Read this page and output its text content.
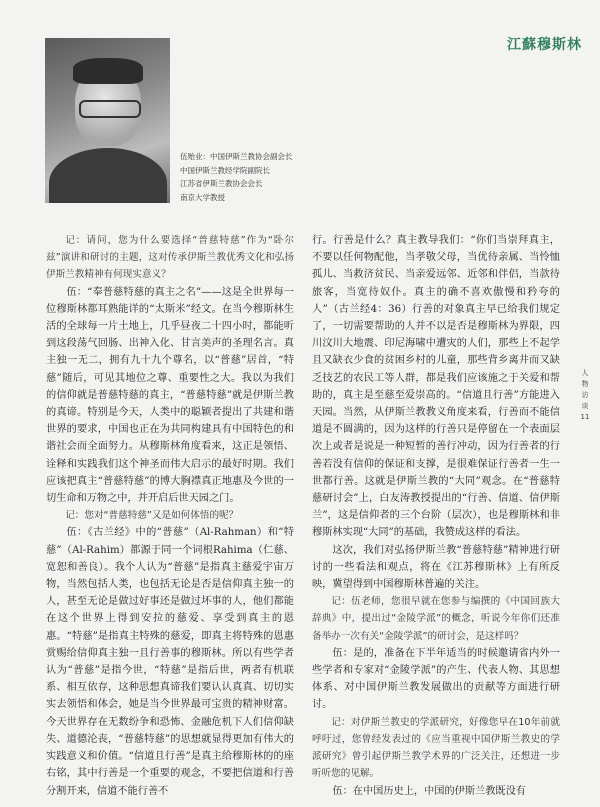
江蘇穆斯林
伍贻业：中国伊斯兰教协会副会长
中国伊斯兰教经学院副院长
江苏省伊斯兰教协会会长
南京大学教授
人
物
访
谈
11

记：请问，您为什么要选择“普慈特慈”作为“卧尔兹”演讲和研讨的主题，这对传承伊斯兰教优秀文化和弘扬伊斯兰教精神有何现实意义？

伍：“奉普慈特慈的真主之名”——这是全世界每一位穆斯林都耳熟能详的“太斯米”经文。在当今穆斯林生活的全球每一片土地上，几乎昼夜二十四小时，都能听到这段荡气回肠、出神入化、甘言美声的圣理名言。真主独一无二，拥有九十九个尊名，以“普慈”居首，“特慈”随后，可见其地位之尊、重要性之大。我以为我们的信仰就是普慈特慈的真主，“普慈特慈”就是伊斯兰教的真谛。特别是今天，人类中的聪颖者提出了共建和谐世界的要求，中国也正在为共同构建具有中国特色的和谐社会而全面努力。从穆斯林角度看来，这正是领悟、诠释和实践我们这个神圣而伟大启示的最好时期。我们应该把真主“普慈特慈”的博大胸襟真正地惠及今世的一切生命和万物之中，并开启后世天园之门。

记：您对“普慈特慈”又是如何体悟的呢？

伍：《古兰经》中的“普慈”（Al-Rahman）和“特慈”（Al-Rahim）都源于同一个词根Rahima（仁慈、宽恕和善良）。我个人认为“普慈”是指真主慈爱宇宙万物，当然包括人类，也包括无论是否是信仰真主独一的人，甚至无论是做过好事还是做过坏事的人，他们都能在这个世界上得到安拉的慈爱、享受到真主的恩惠。“特慈”是指真主特殊的慈爱，即真主将特殊的恩惠赏赐给信仰真主独一且行善事的穆斯林。所以有些学者认为“普慈”是指今世，“特慈”是指后世，两者有机联系、相互依存，这种思想真谛我们要认认真真、切切实实去领悟和体会，她是当今世界最可宝贵的精神财富。今天世界存在无数纷争和恐怖、金融危机下人们信仰缺失、道德沦丧，“普慈特慈”的思想就显得更加有伟大的实践意义和价值。“信道且行善”是真主给穆斯林的的座右铭，其中行善是一个重要的观念，不要把信道和行善分割开来，信道不能行善不

行。行善是什么？真主教导我们：“你们当崇拜真主，不要以任何物配他，当孝敬父母，当优待亲属、当怜恤孤儿、当救济贫民、当亲爱远邻、近邻和伴侣，当款待旅客，当宽待奴仆。真主的确不喜欢傲慢和矜夸的人”（古兰经4：36）行善的对象真主早已给我们规定了，一切需要帮助的人并不以是否是穆斯林为界限，四川汶川大地震、印尼海啸中遭灾的人们，那些上不起学且又缺衣少食的贫困乡村的儿童，那些背乡离井而又缺乏技艺的农民工等人群，都是我们应该施之于关爱和帮助的，真主是至慈至爱崇高的。“信道且行善”方能进入天园。当然，从伊斯兰教教义角度来看，行善而不能信道是不圆满的，因为这样的行善只是停留在一个表面层次上或者是说是一种短暂的善行冲动，因为行善者的行善若没有信仰的保证和支撑，是很难保证行善者一生一世都行善。这就是伊斯兰教的“大同”观念。在“普慈特慈研讨会”上，白友涛教授提出的“行善、信道、信伊斯兰”，这是信仰者的三个台阶（层次），也是穆斯林和非穆斯林实现“大同”的基础，我赞成这样的看法。

这次，我们对弘扬伊斯兰教“普慈特慈”精神进行研讨的一些看法和观点，将在《江苏穆斯林》上有所反映，冀望得到中国穆斯林普遍的关注。

记：伍老师，您很早就在您参与编撰的《中国回族大辞典》中，提出过“金陵学派”的概念，听说今年你们还准备举办一次有关“金陵学派”的研讨会，是这样吗？

伍：是的，准备在下半年适当的时候邀请省内外一些学者和专家对“金陵学派”的产生、代表人物、其思想体系、对中国伊斯兰教发展做出的贡献等方面进行研讨。

记：对伊斯兰教史的学派研究，好像您早在10年前就呼吁过，您曾经发表过的《应当重视中国伊斯兰教史的学派研究》曾引起伊斯兰教学术界的广泛关注，还想进一步听听您的见解。

伍：在中国历史上，中国的伊斯兰教既没有
